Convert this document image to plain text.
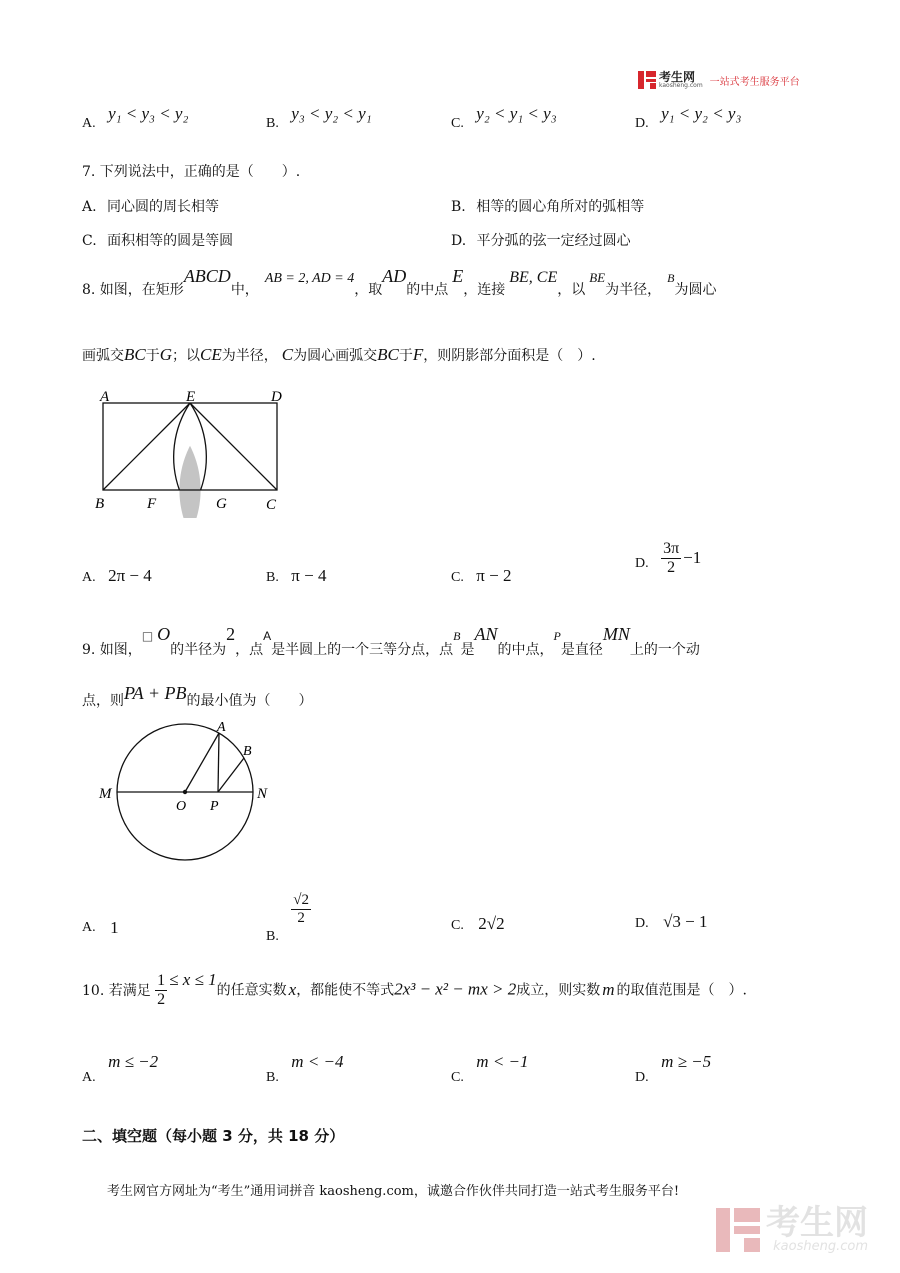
考生网
kaosheng.com 一站式考生服务平台
A. y₁ < y₃ < y₂
B. y₃ < y₂ < y₁
C. y₂ < y₁ < y₃
D. y₁ < y₂ < y₃
7. 下列说法中，正确的是（　　）.
A. 同心圆的周长相等	B. 相等的圆心角所对的弧相等
C. 面积相等的圆是等圆	D. 平分弧的弦一定经过圆心
8. 如图，在矩形ABCD中，AB = 2, AD = 4，取AD的中点E，连接BE, CE，以BE为半径，B为圆心
画弧交BC于G；以CE为半径， C为圆心画弧交BC于F，则阴影部分面积是（　）.
A	E	D
B	F	G	C
A. 2π − 4	B. π − 4	C. π − 2
D. $\frac{3\pi}{2} -1$
9. 如图，□ O的半径为2，点A是半圆上的一个三等分点，点B是AN的中点，P是直径MN上的一个动
点，则PA + PB的最小值为（　　）
A
B
M
O P
N
A. 1	B.
$\frac{√2}{2}$	C. 2√2	D. √3 − 1
10. 若满足 $\frac{1}{2} \le x \le 1$的任意实数 x，都能使不等式2x³ − x² − mx > 2成立，则实数 m 的取值范围是（　）.
A. m ≤ −2
B. m < −4
C. m < −1
D. m ≥ −5
二、填空题（每小题 3 分，共 18 分）
考生网官方网址为“考生”通用词拼音 kaosheng.com，诚邀合作伙伴共同打造一站式考生服务平台!
考生网
kaosheng.com
